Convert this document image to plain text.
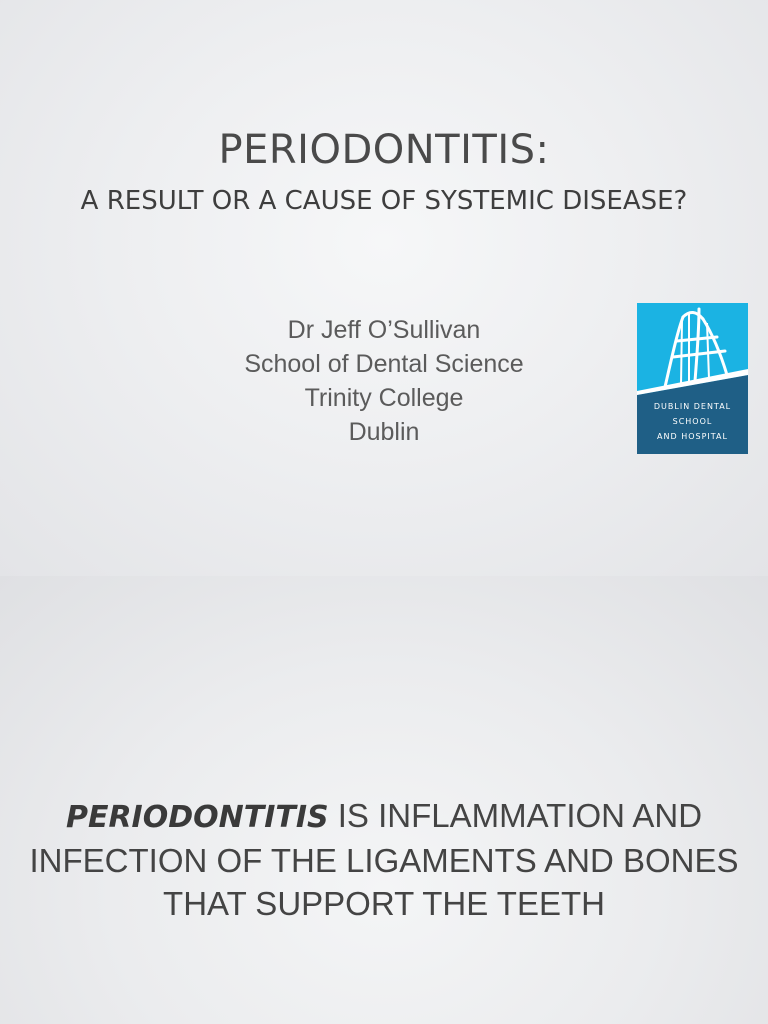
PERIODONTITIS:
A RESULT OR A CAUSE OF SYSTEMIC DISEASE?
Dr Jeff O’Sullivan
School of Dental Science
Trinity College
Dublin
DUBLIN DENTAL
SCHOOL
AND HOSPITAL
PERIODONTITIS IS INFLAMMATION AND
INFECTION OF THE LIGAMENTS AND BONES
THAT SUPPORT THE TEETH
